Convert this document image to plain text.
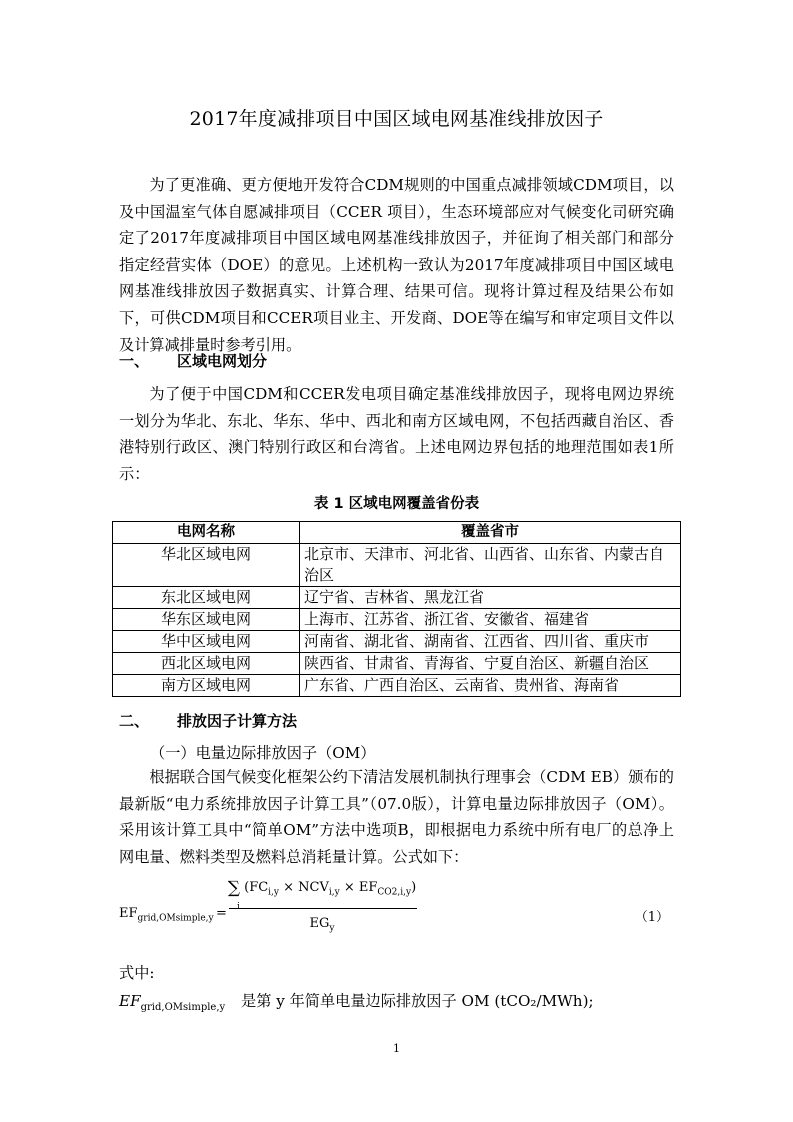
2017年度减排项目中国区域电网基准线排放因子

为了更准确、更方便地开发符合CDM规则的中国重点减排领域CDM项目，以及中国温室气体自愿减排项目（CCER 项目），生态环境部应对气候变化司研究确定了2017年度减排项目中国区域电网基准线排放因子，并征询了相关部门和部分指定经营实体（DOE）的意见。上述机构一致认为2017年度减排项目中国区域电网基准线排放因子数据真实、计算合理、结果可信。现将计算过程及结果公布如下，可供CDM项目和CCER项目业主、开发商、DOE等在编写和审定项目文件以及计算减排量时参考引用。

一、 区域电网划分

为了便于中国CDM和CCER发电项目确定基准线排放因子，现将电网边界统一划分为华北、东北、华东、华中、西北和南方区域电网，不包括西藏自治区、香港特别行政区、澳门特别行政区和台湾省。上述电网边界包括的地理范围如表1所示：

表 1 区域电网覆盖省份表
电网名称	覆盖省市
华北区域电网	北京市、天津市、河北省、山西省、山东省、内蒙古自治区
东北区域电网	辽宁省、吉林省、黑龙江省
华东区域电网	上海市、江苏省、浙江省、安徽省、福建省
华中区域电网	河南省、湖北省、湖南省、江西省、四川省、重庆市
西北区域电网	陕西省、甘肃省、青海省、宁夏自治区、新疆自治区
南方区域电网	广东省、广西自治区、云南省、贵州省、海南省
二、 排放因子计算方法
（一）电量边际排放因子（OM）

根据联合国气候变化框架公约下清洁发展机制执行理事会（CDM EB）颁布的最新版“电力系统排放因子计算工具”（07.0版），计算电量边际排放因子（OM）。采用该计算工具中“简单OM”方法中选项B，即根据电力系统中所有电厂的总净上网电量、燃料类型及燃料总消耗量计算。公式如下：

$EF_{grid,OMsimple,y}$ =
∑ $(FC_{i,y} \times NCV_{i,y} \times EF_{CO2,i,y})$
i
$EG_y$
（1）
式中:
$EF_{grid,OMsimple,y}$ 是第 y 年简单电量边际排放因子 OM (tCO₂/MWh);
1
